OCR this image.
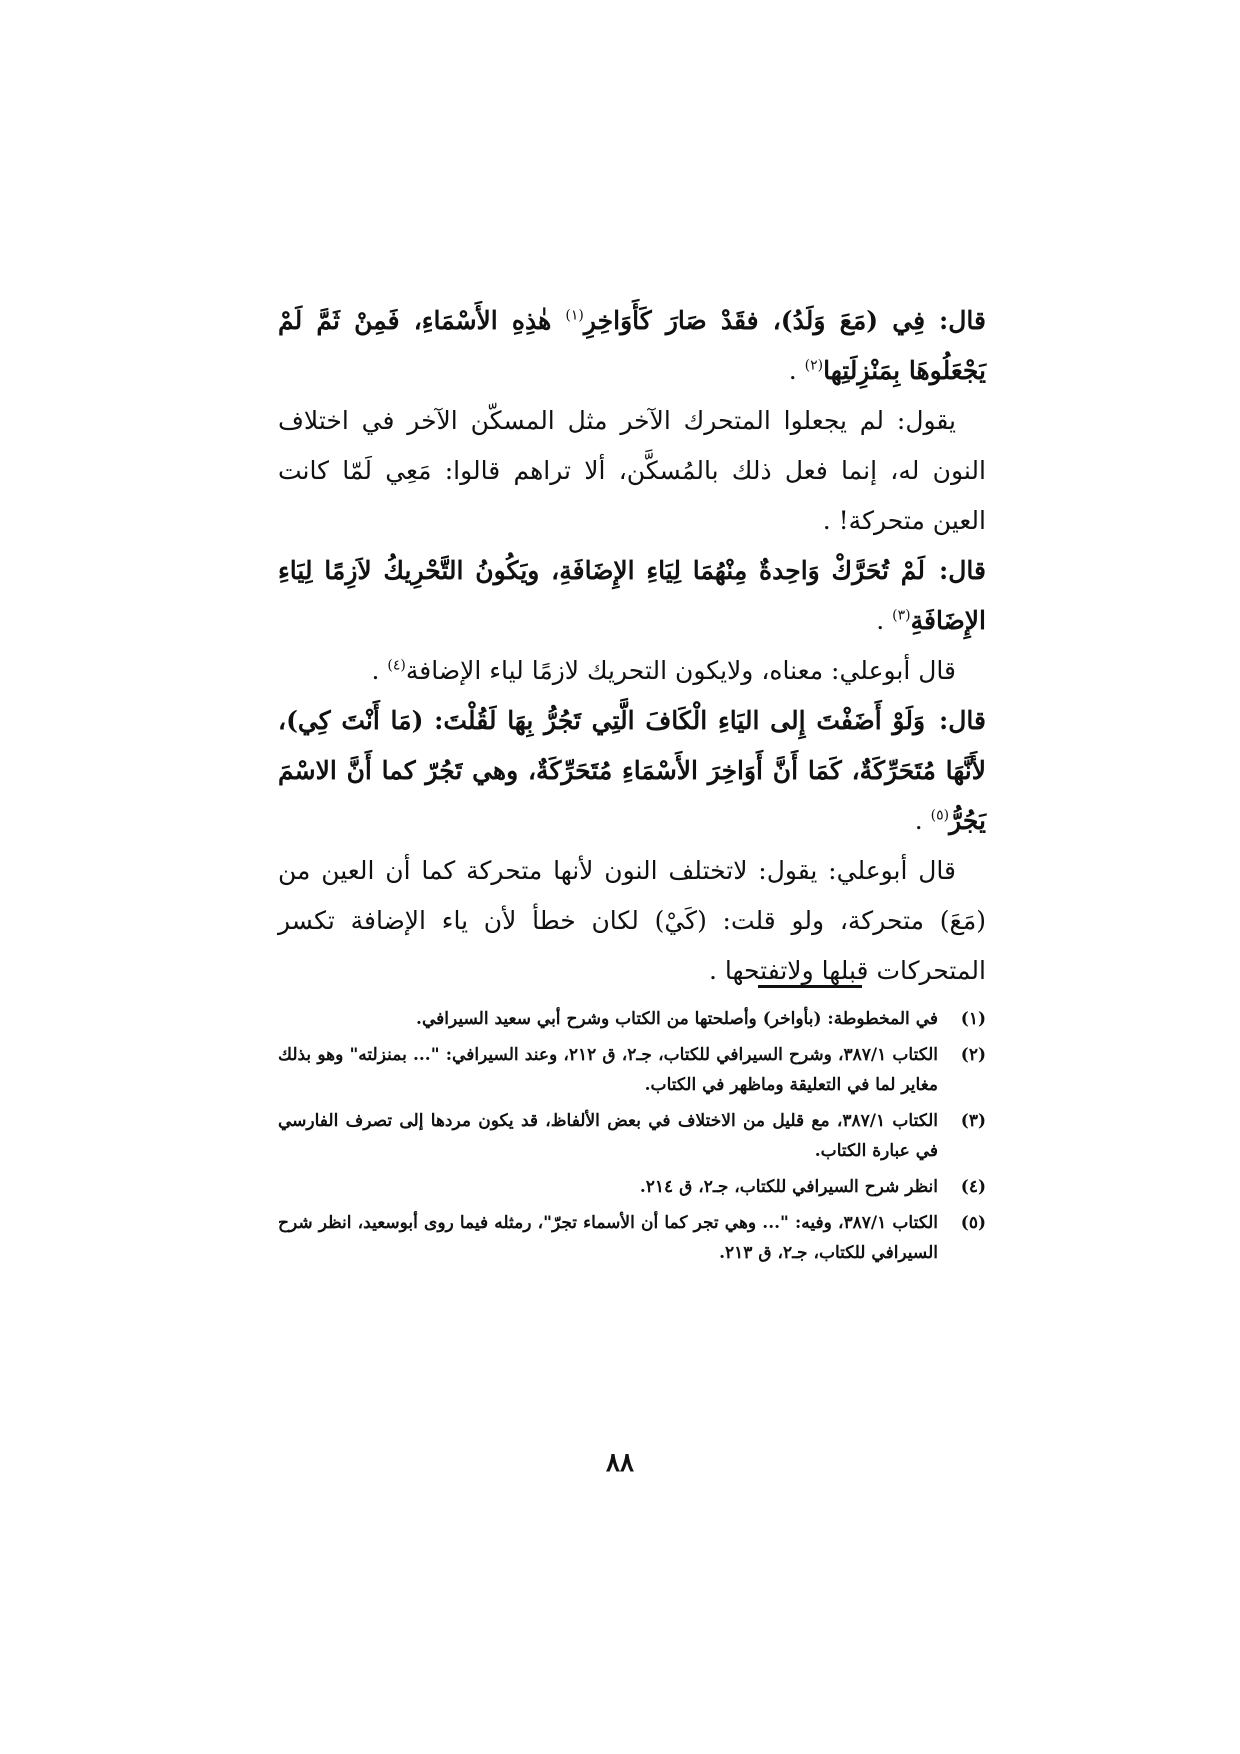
قال:فِي (مَعَ وَلَدُ)، فقَدْ صَارَ كَأَوَاخِرِ$^{(١)}$ هٰذِهِ الأَسْمَاءِ، فَمِنْ ثَمَّ لَمْ يَجْعَلُوهَا بِمَنْزِلَتِها$^{(٢)}$ .

يقول: لم يجعلوا المتحرك الآخر مثل المسكّن الآخر في اختلاف النون له، إنما فعل ذلك بالمُسكَّن، ألا تراهم قالوا: مَعِي لَمّا كانت العين متحركة! .

قال:لَمْ تُحَرَّكْ وَاحِدةٌ مِنْهُمَا لِيَاءِ الإِضَافَةِ، ويَكُونُ التَّحْرِيكُ لاَزِمًا لِيَاءِ الإِضَافَةِ$^{(٣)}$ .

قال أبوعلي: معناه، ولايكون التحريك لازمًا لياء الإضافة$^{(٤)}$ .

قال:وَلَوْ أَضَفْتَ إِلى اليَاءِ الْكَافَ الَّتِي تَجُرُّ بِهَا لَقُلْتَ: (مَا أَنْتَ كِي)، لأَنَّهَا مُتَحَرِّكَةٌ، كَمَا أَنَّ أَوَاخِرَ الأَسْمَاءِ مُتَحَرِّكَةٌ، وهي تَجُرّ كما أَنَّ الاسْمَ يَجُرُّ$^{(٥)}$ .

قال أبوعلي: يقول: لاتختلف النون لأنها متحركة كما أن العين من (مَعَ) متحركة، ولو قلت: (كَيْ) لكان خطأ لأن ياء الإضافة تكسر المتحركات قبلها ولاتفتحها .

(١)
في المخطوطة: (بأواخر) وأصلحتها من الكتاب وشرح أبي سعيد السيرافي.
(٢)
الكتاب ٣٨٧/١، وشرح السيرافي للكتاب، جـ٢، ق ٢١٢، وعند السيرافي: "... بمنزلته" وهو بذلك مغاير لما في التعليقة وماظهر في الكتاب.
(٣)
الكتاب ٣٨٧/١، مع قليل من الاختلاف في بعض الألفاظ، قد يكون مردها إلى تصرف الفارسي في عبارة الكتاب.
(٤)
انظر شرح السيرافي للكتاب، جـ٢، ق ٢١٤.
(٥)
الكتاب ٣٨٧/١، وفيه: "... وهي تجر كما أن الأسماء تجرّ"، رمثله فيما روى أبوسعيد، انظر شرح السيرافي للكتاب، جـ٢، ق ٢١٣.
٨٨
